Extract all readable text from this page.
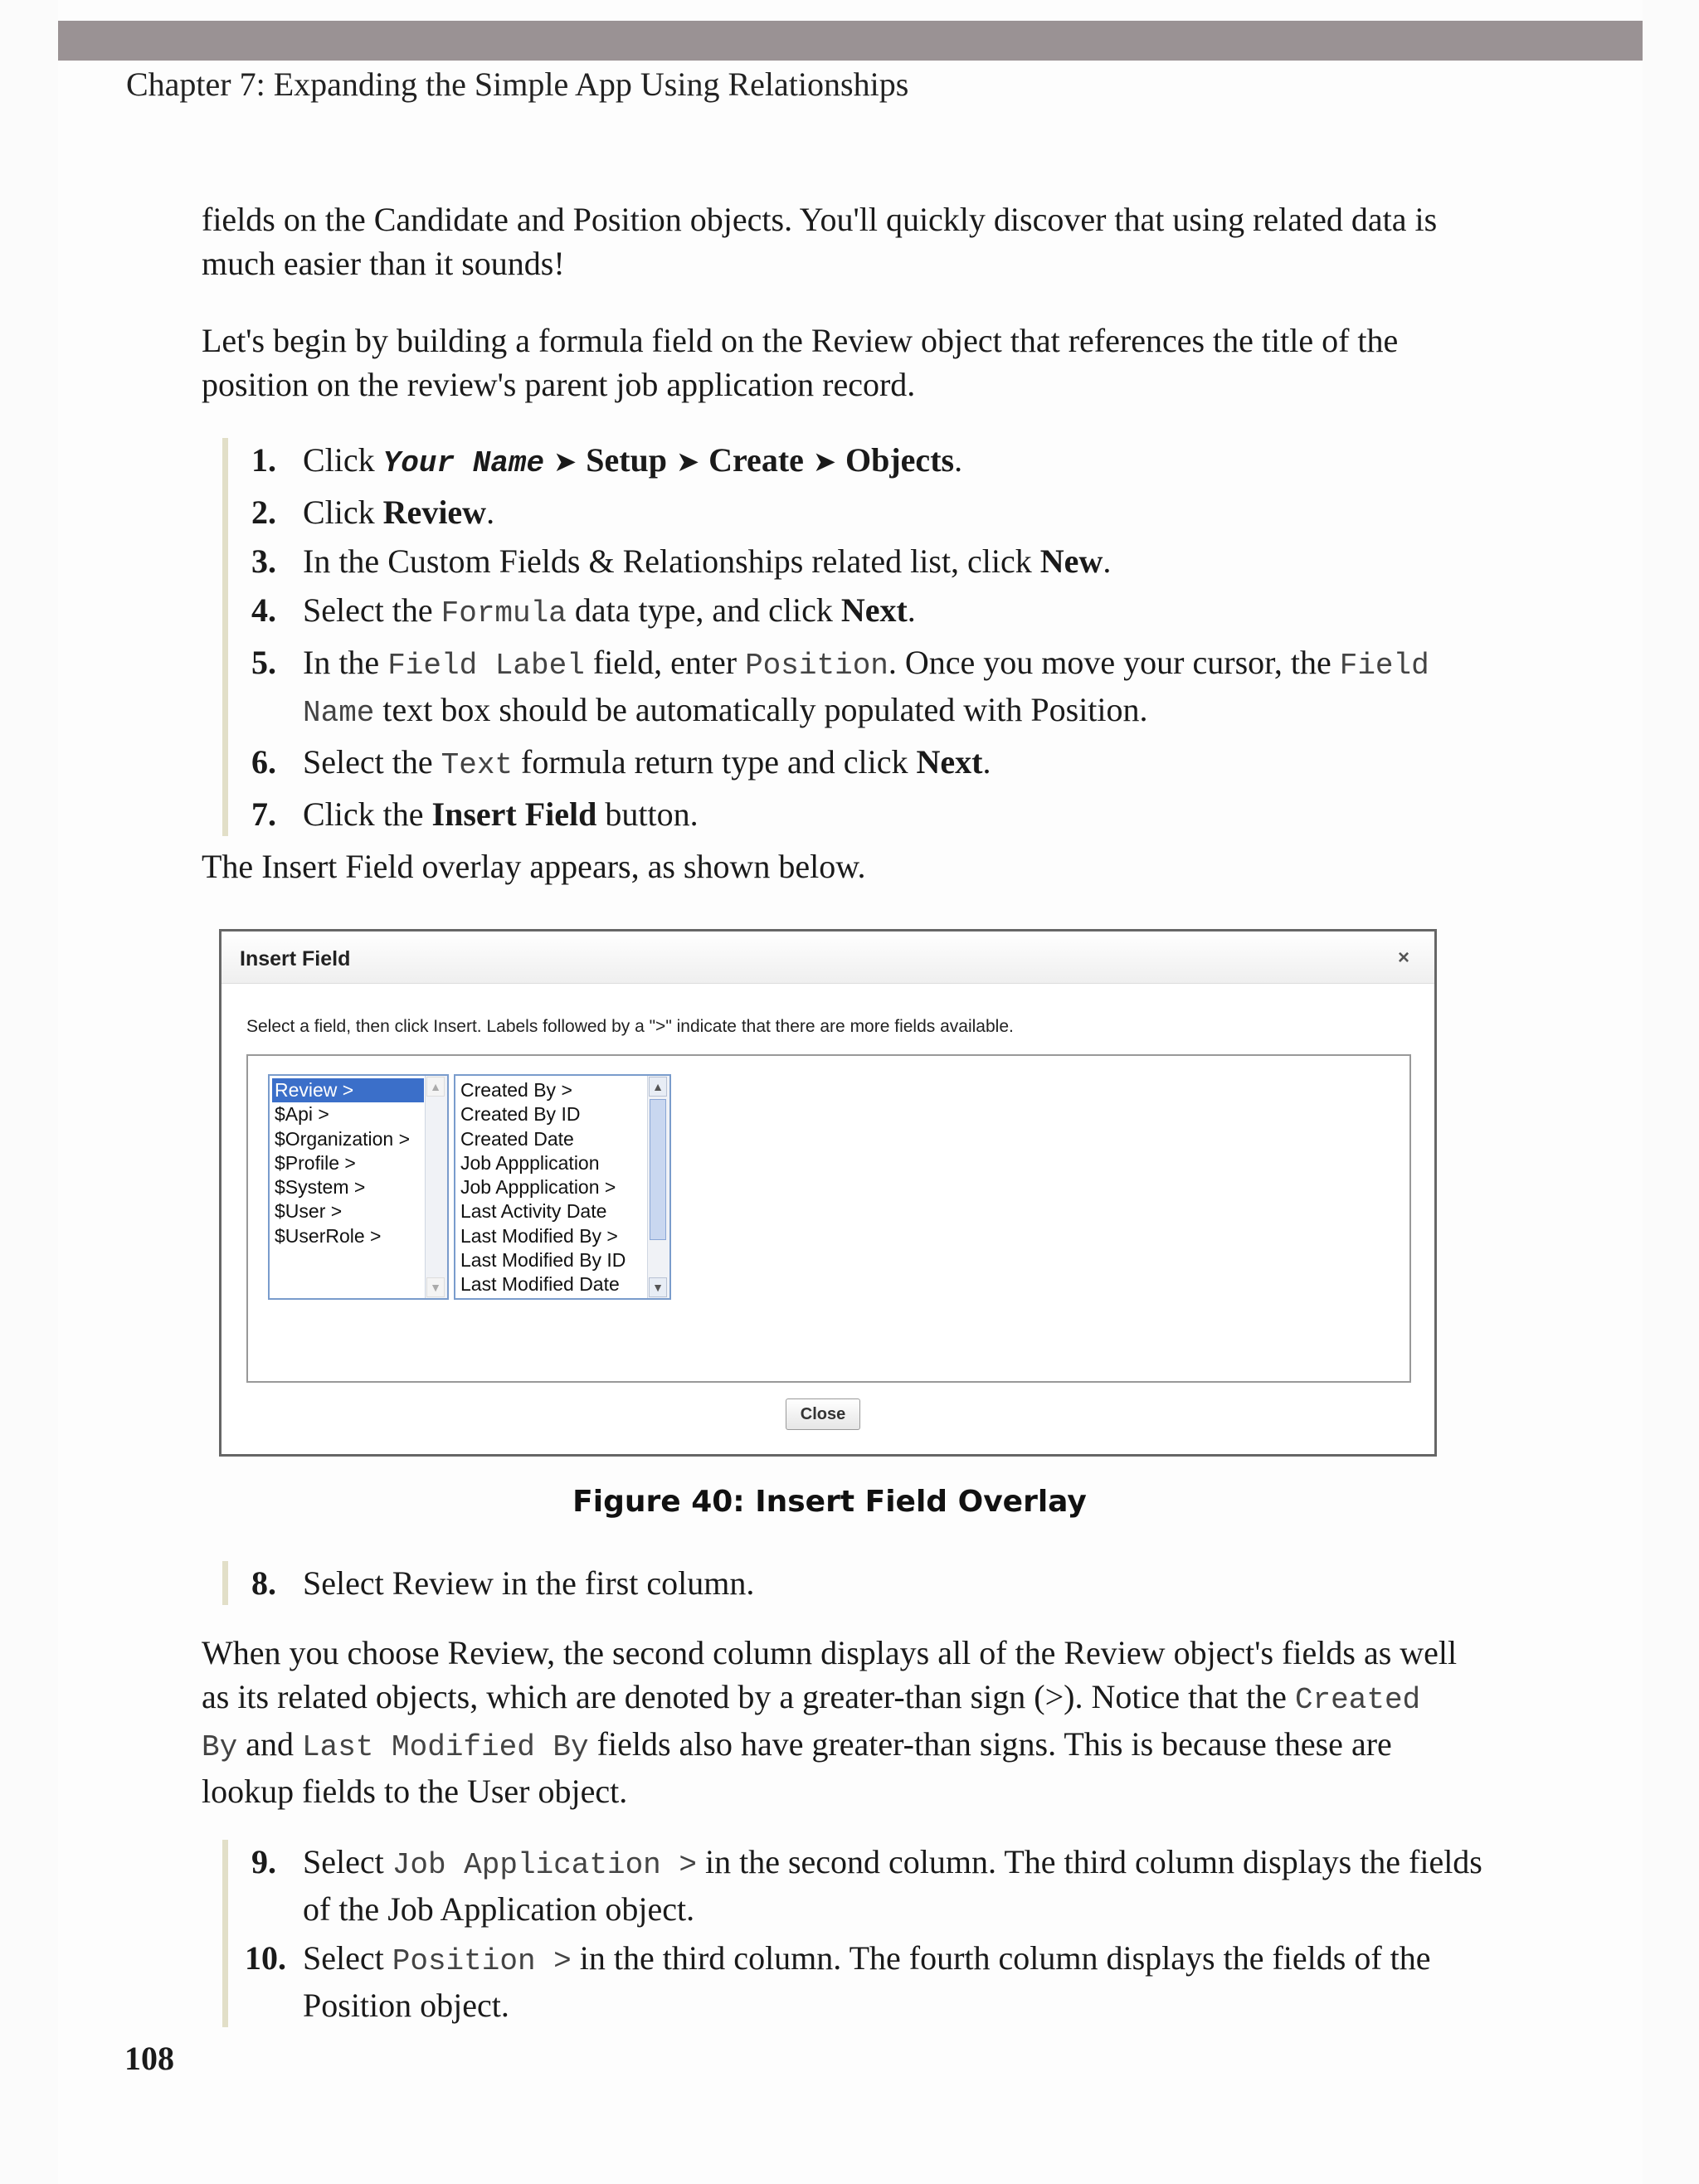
Chapter 7: Expanding the Simple App Using Relationships
fields on the Candidate and Position objects. You'll quickly discover that using related data is much easier than it sounds!
Let's begin by building a formula field on the Review object that references the title of the position on the review's parent job application record.
1. Click Your Name ➤ Setup ➤ Create ➤ Objects.
2. Click Review.
3. In the Custom Fields & Relationships related list, click New.
4. Select the Formula data type, and click Next.
5. In the Field Label field, enter Position. Once you move your cursor, the Field Name text box should be automatically populated with Position.
6. Select the Text formula return type and click Next.
7. Click the Insert Field button.
The Insert Field overlay appears, as shown below.
Insert Field	×
Select a field, then click Insert. Labels followed by a ">" indicate that there are more fields available.
Review >
$Api >
$Organization >
$Profile >
$System >
$User >
$UserRole >
▲
▼
Created By >
Created By ID
Created Date
Job Appplication
Job Appplication >
Last Activity Date
Last Modified By >
Last Modified By ID
Last Modified Date
▲
▼
Close
Figure 40: Insert Field Overlay
8. Select Review in the first column.
When you choose Review, the second column displays all of the Review object's fields as well as its related objects, which are denoted by a greater-than sign (>). Notice that the Created By and Last Modified By fields also have greater-than signs. This is because these are lookup fields to the User object.
9. Select Job Application > in the second column. The third column displays the fields of the Job Application object.
10. Select Position > in the third column. The fourth column displays the fields of the Position object.
108
